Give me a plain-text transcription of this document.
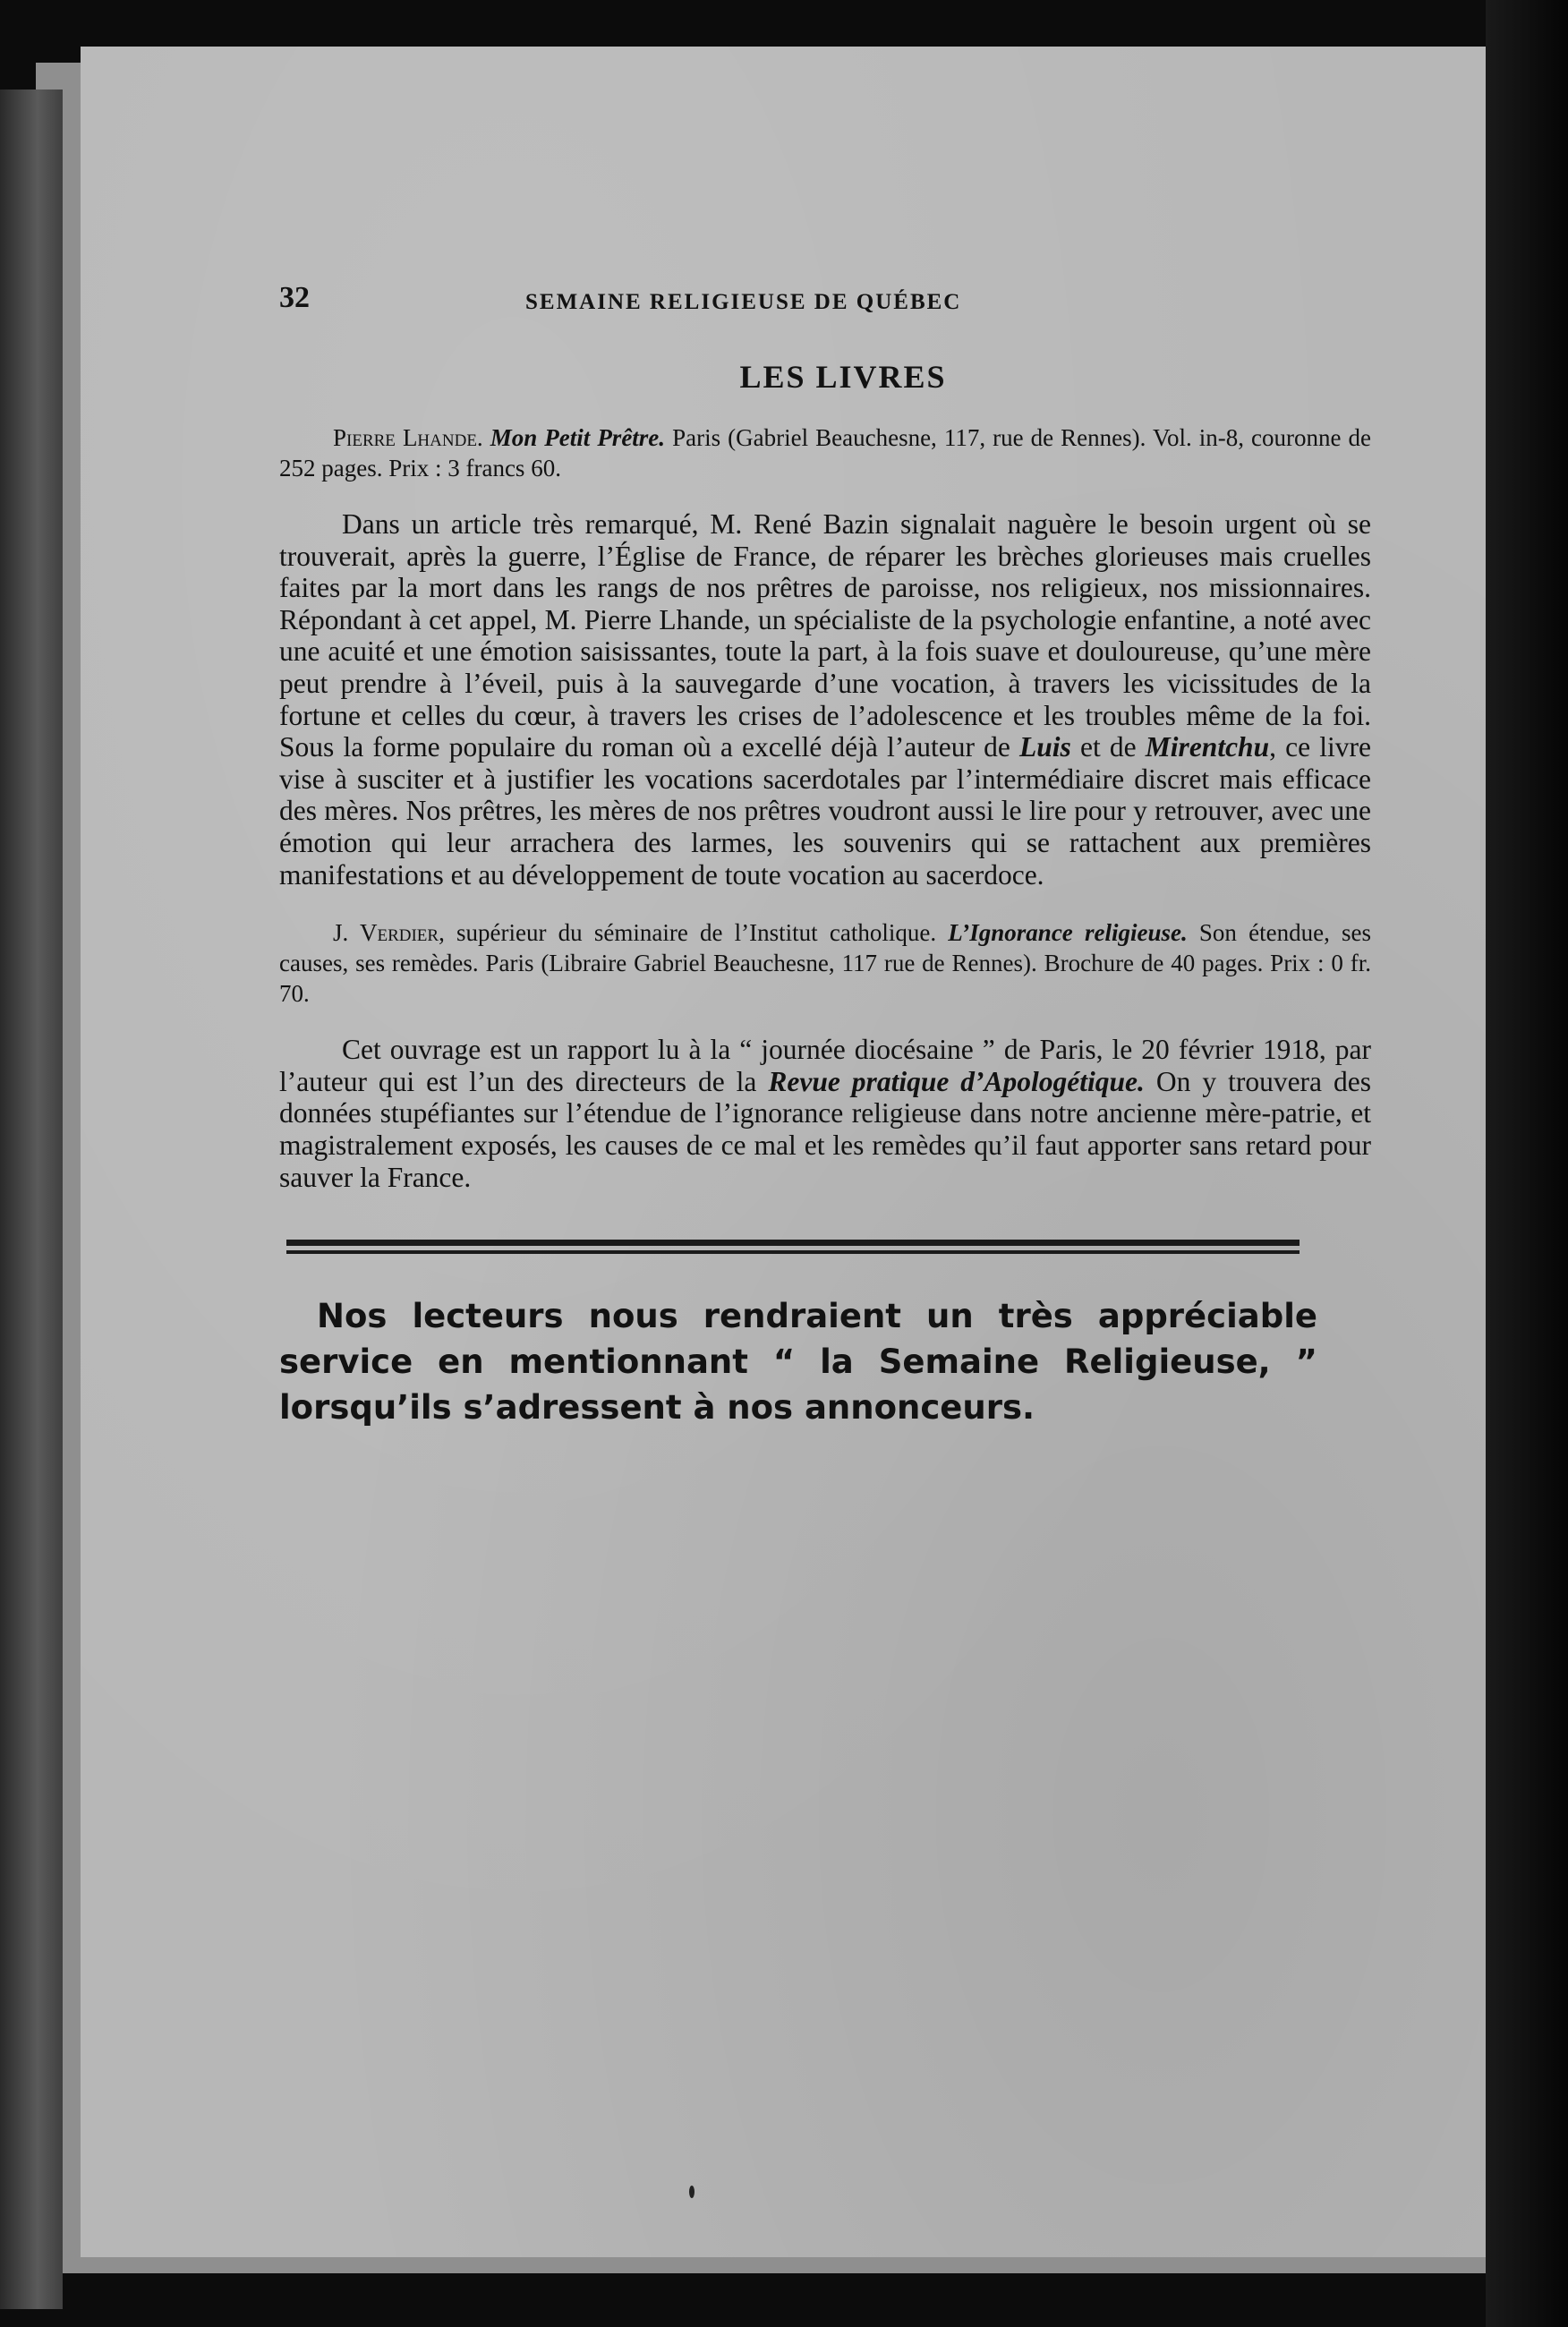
32	SEMAINE RELIGIEUSE DE QUÉBEC
LES LIVRES

Pierre Lhande. Mon Petit Prêtre. Paris (Gabriel Beauchesne, 117, rue de Rennes). Vol. in-8, couronne de 252 pages. Prix : 3 francs 60.

Dans un article très remarqué, M. René Bazin signalait naguère le besoin urgent où se trouverait, après la guerre, l’Église de France, de réparer les brèches glorieuses mais cruelles faites par la mort dans les rangs de nos prêtres de paroisse, nos religieux, nos missionnaires. Répondant à cet appel, M. Pierre Lhande, un spécialiste de la psychologie enfantine, a noté avec une acuité et une émotion saisissantes, toute la part, à la fois suave et douloureuse, qu’une mère peut prendre à l’éveil, puis à la sauvegarde d’une vocation, à travers les vicissitudes de la fortune et celles du cœur, à travers les crises de l’adolescence et les troubles même de la foi. Sous la forme populaire du roman où a excellé déjà l’auteur de Luis et de Mirentchu, ce livre vise à susciter et à justifier les vocations sacerdotales par l’intermédiaire discret mais efficace des mères. Nos prêtres, les mères de nos prêtres voudront aussi le lire pour y retrouver, avec une émotion qui leur arrachera des larmes, les souvenirs qui se rattachent aux premières manifestations et au développement de toute vocation au sacerdoce.

J. Verdier, supérieur du séminaire de l’Institut catholique. L’Ignorance religieuse. Son étendue, ses causes, ses remèdes. Paris (Libraire Gabriel Beauchesne, 117 rue de Rennes). Brochure de 40 pages. Prix : 0 fr. 70.

Cet ouvrage est un rapport lu à la “ journée diocésaine ” de Paris, le 20 février 1918, par l’auteur qui est l’un des directeurs de la Revue pratique d’Apologétique. On y trouvera des données stupéfiantes sur l’étendue de l’ignorance religieuse dans notre ancienne mère-patrie, et magistralement exposés, les causes de ce mal et les remèdes qu’il faut apporter sans retard pour sauver la France.

Nos lecteurs nous rendraient un très appréciable service en mentionnant “ la Semaine Religieuse, ” lorsqu’ils s’adressent à nos annonceurs.
